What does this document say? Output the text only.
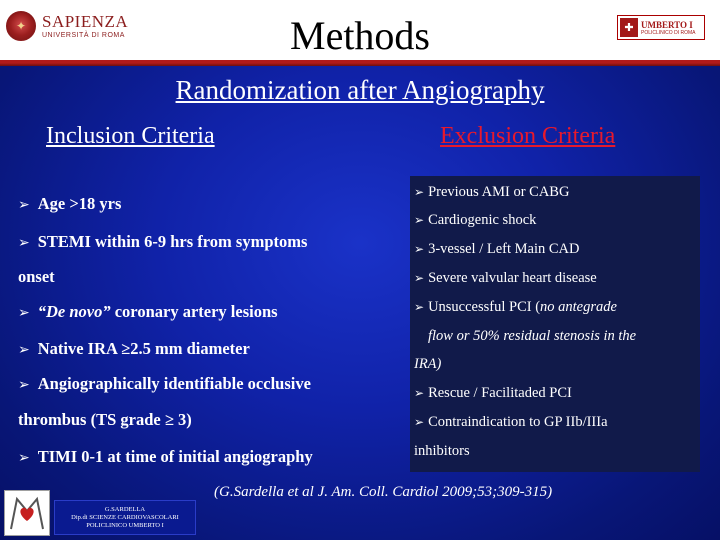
✦ SAPIENZA
UNIVERSITÀ DI ROMA
✚ UMBERTO I
POLICLINICO DI ROMA
Methods
Randomization after Angiography
Inclusion Criteria	Exclusion Criteria
➢ Age >18 yrs
➢ STEMI within 6-9 hrs from symptoms
onset
➢ “De novo” coronary artery lesions
➢ Native IRA ≥2.5 mm diameter
➢ Angiographically identifiable occlusive
thrombus (TS grade ≥ 3)
➢ TIMI 0-1 at time of initial angiography
➢ Previous AMI or CABG
➢ Cardiogenic shock
➢ 3-vessel / Left Main CAD
➢ Severe valvular heart disease
➢ Unsuccessful PCI (no antegrade
flow or 50% residual stenosis in the
IRA)
➢ Rescue / Facilitaded PCI
➢ Contraindication to GP IIb/IIIa
inhibitors
(G.Sardella et al J. Am. Coll. Cardiol 2009;53;309-315)
G.SARDELLA
Dip.di SCIENZE CARDIOVASCOLARI
POLICLINICO UMBERTO I
